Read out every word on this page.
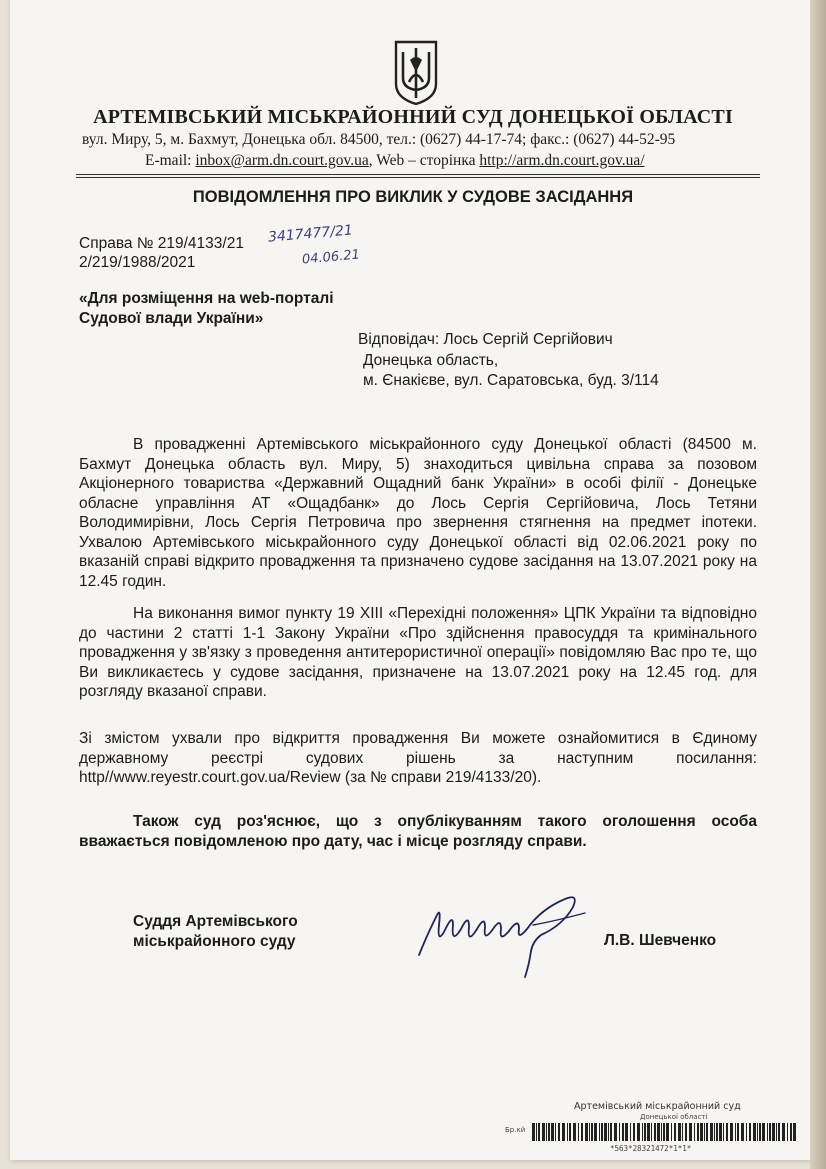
АРТЕМІВСЬКИЙ МІСЬКРАЙОННИЙ СУД ДОНЕЦЬКОЇ ОБЛАСТІ
вул. Миру, 5, м. Бахмут, Донецька обл. 84500, тел.: (0627) 44-17-74; факс.: (0627) 44-52-95
E-mail: inbox@arm.dn.court.gov.ua, Web – сторінка http://arm.dn.court.gov.ua/
ПОВІДОМЛЕННЯ ПРО ВИКЛИК У СУДОВЕ ЗАСІДАННЯ
Справа № 219/4133/21
2/219/1988/2021
3417477/21
04.06.21
«Для розміщення на web-порталі
Судової влади України»
Відповідач: Лось Сергій Сергійович
Донецька область,
м. Єнакієве, вул. Саратовська, буд. 3/114
В провадженні Артемівського міськрайонного суду Донецької області (84500 м. Бахмут Донецька область вул. Миру, 5) знаходиться цивільна справа за позовом Акціонерного товариства «Державний Ощадний банк України» в особі філії - Донецьке обласне управління АТ «Ощадбанк» до Лось Сергія Сергійовича, Лось Тетяни Володимирівни, Лось Сергія Петровича про звернення стягнення на предмет іпотеки. Ухвалою Артемівського міськрайонного суду Донецької області від 02.06.2021 року по вказаній справі відкрито провадження та призначено судове засідання на 13.07.2021 року на 12.45 годин.
На виконання вимог пункту 19 ХІІІ «Перехідні положення» ЦПК України та відповідно до частини 2 статті 1-1 Закону України «Про здійснення правосуддя та кримінального провадження у зв'язку з проведення антитерористичної операції» повідомляю Вас про те, що Ви викликаєтесь у судове засідання, призначене на 13.07.2021 року на 12.45 год. для розгляду вказаної справи.
Зі змістом ухвали про відкриття провадження Ви можете ознайомитися в Єдиному державному реєстрі судових рішень за наступним посилання: http//www.reyestr.court.gov.ua/Review (за № справи 219/4133/20).
Також суд роз'яснює, що з опублікуванням такого оголошення особа вважається повідомленою про дату, час і місце розгляду справи.
Суддя Артемівського
міськрайонного суду	Л.В. Шевченко
Артемівський міськрайонний суд
Донецької області
Бр.кй
*563*28321472*1*1*
